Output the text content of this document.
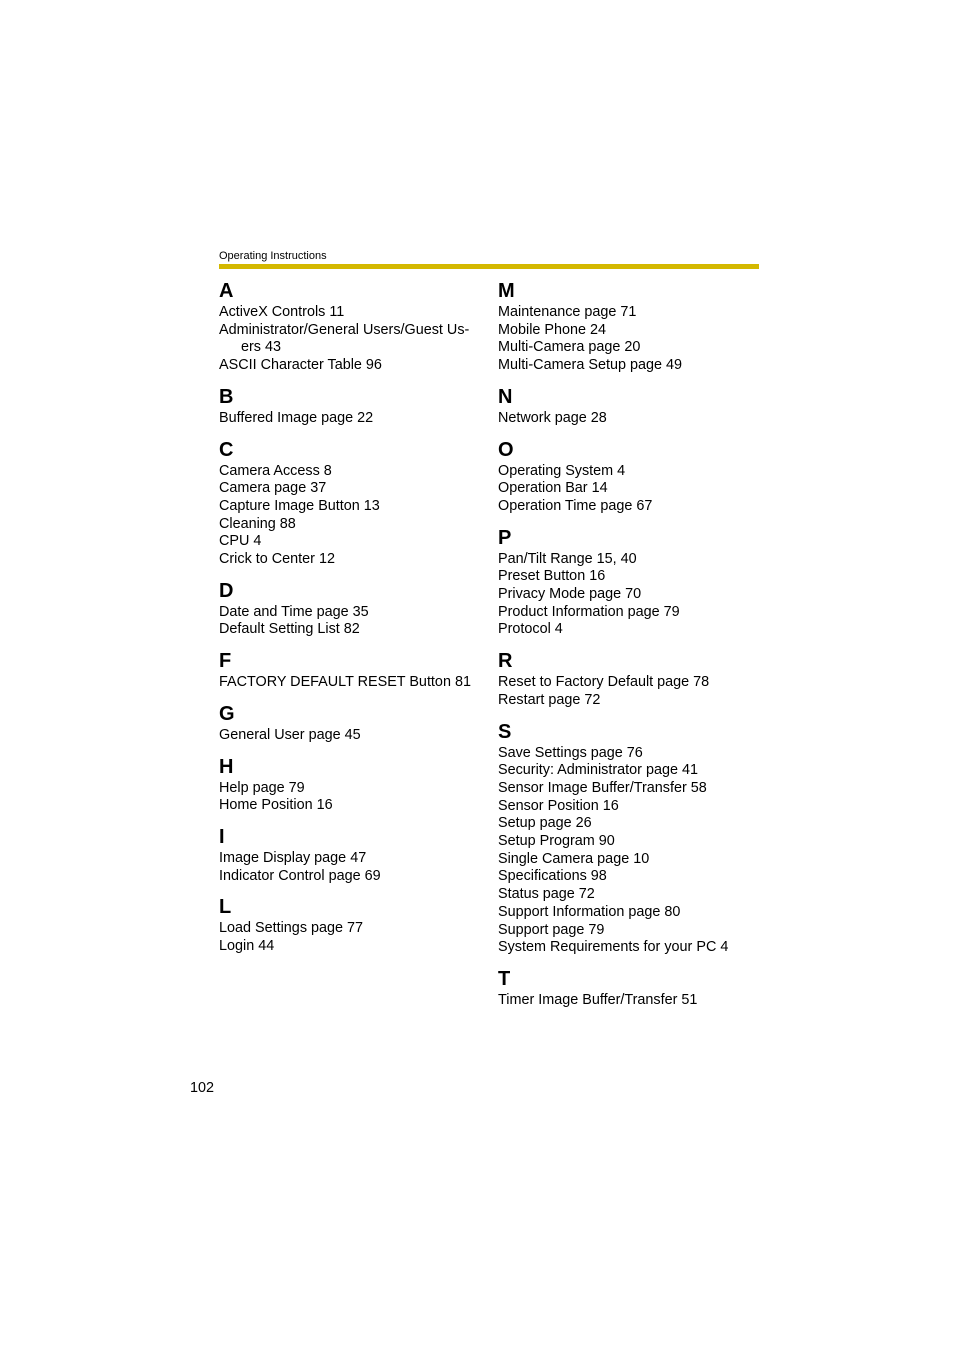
Operating Instructions
A
ActiveX Controls 11
Administrator/General Users/Guest Us-
ers 43
ASCII Character Table 96
B
Buffered Image page 22
C
Camera Access 8
Camera page 37
Capture Image Button 13
Cleaning 88
CPU 4
Crick to Center 12
D
Date and Time page 35
Default Setting List 82
F
FACTORY DEFAULT RESET Button 81
G
General User page 45
H
Help page 79
Home Position 16
I
Image Display page 47
Indicator Control page 69
L
Load Settings page 77
Login 44
M
Maintenance page 71
Mobile Phone 24
Multi-Camera page 20
Multi-Camera Setup page 49
N
Network page 28
O
Operating System 4
Operation Bar 14
Operation Time page 67
P
Pan/Tilt Range 15, 40
Preset Button 16
Privacy Mode page 70
Product Information page 79
Protocol 4
R
Reset to Factory Default page 78
Restart page 72
S
Save Settings page 76
Security: Administrator page 41
Sensor Image Buffer/Transfer 58
Sensor Position 16
Setup page 26
Setup Program 90
Single Camera page 10
Specifications 98
Status page 72
Support Information page 80
Support page 79
System Requirements for your PC 4
T
Timer Image Buffer/Transfer 51
102
